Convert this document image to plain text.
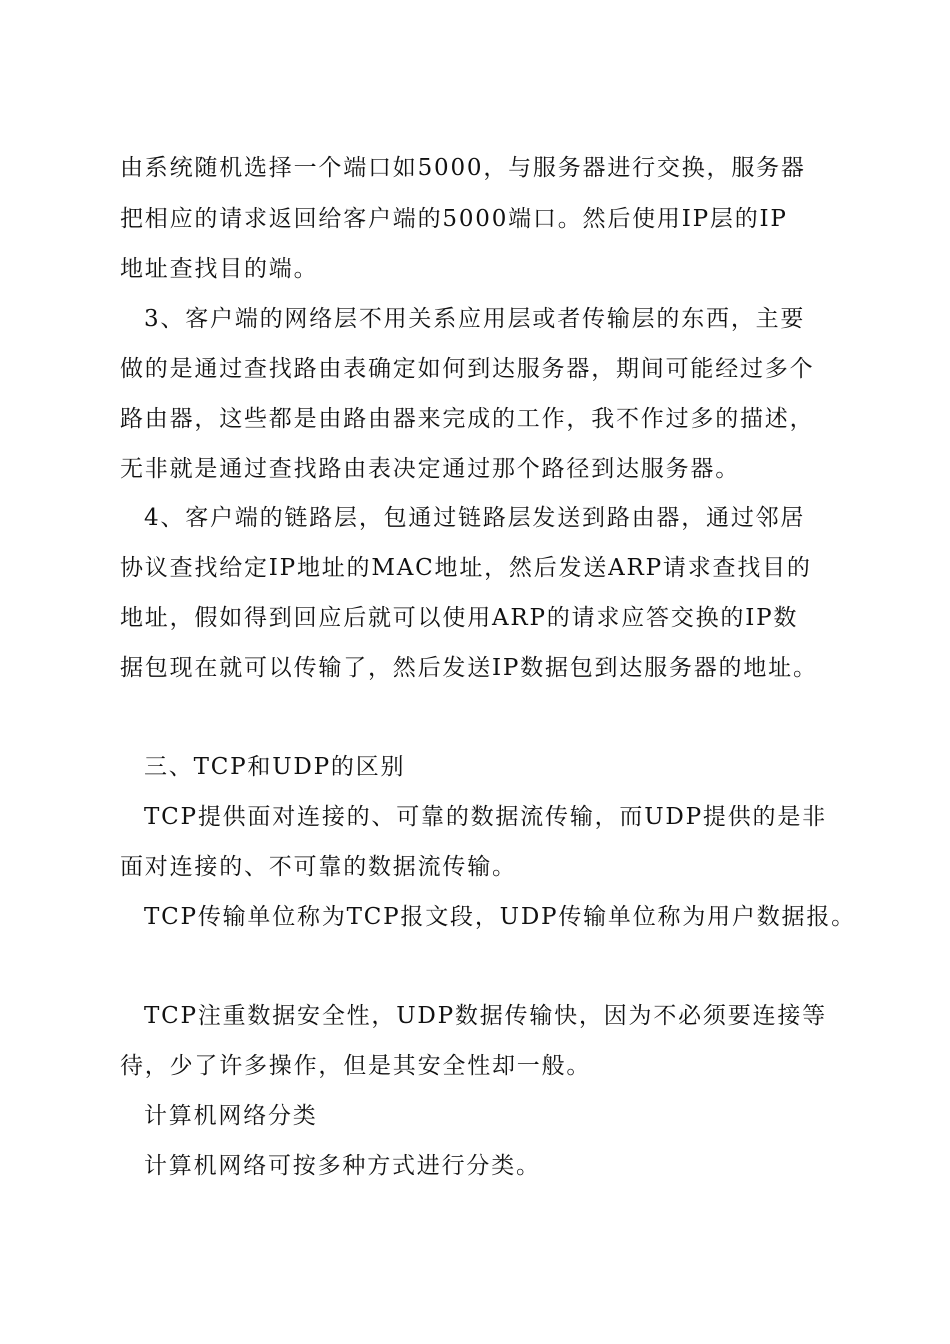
由系统随机选择一个端口如5000，与服务器进行交换，服务器
把相应的请求返回给客户端的5000端口。然后使用IP层的IP
地址查找目的端。
3、客户端的网络层不用关系应用层或者传输层的东西，主要
做的是通过查找路由表确定如何到达服务器，期间可能经过多个
路由器，这些都是由路由器来完成的工作，我不作过多的描述，
无非就是通过查找路由表决定通过那个路径到达服务器。
4、客户端的链路层，包通过链路层发送到路由器，通过邻居
协议查找给定IP地址的MAC地址，然后发送ARP请求查找目的
地址，假如得到回应后就可以使用ARP的请求应答交换的IP数
据包现在就可以传输了，然后发送IP数据包到达服务器的地址。
三、TCP和UDP的区别
TCP提供面对连接的、可靠的数据流传输，而UDP提供的是非
面对连接的、不可靠的数据流传输。
TCP传输单位称为TCP报文段，UDP传输单位称为用户数据报。
TCP注重数据安全性，UDP数据传输快，因为不必须要连接等
待，少了许多操作，但是其安全性却一般。
计算机网络分类
计算机网络可按多种方式进行分类。
